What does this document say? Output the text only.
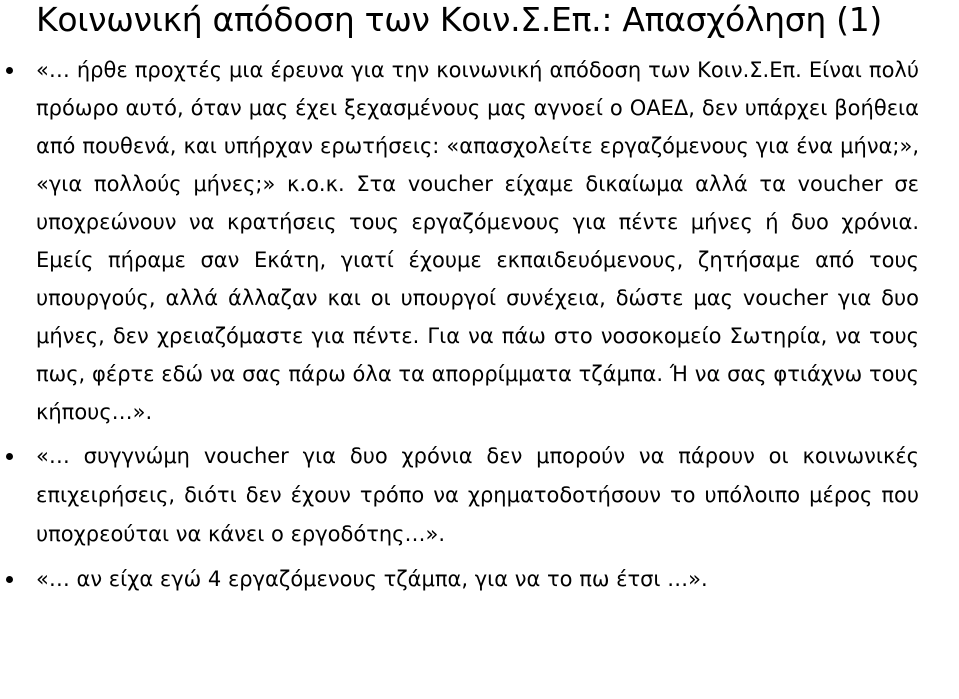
Κοινωνική απόδοση των Κοιν.Σ.Επ.: Απασχόληση (1)
«… ήρθε προχτές μια έρευνα για την κοινωνική απόδοση των Κοιν.Σ.Επ. Είναι πολύ πρόωρο αυτό, όταν μας έχει ξεχασμένους μας αγνοεί ο ΟΑΕΔ, δεν υπάρχει βοήθεια από πουθενά, και υπήρχαν ερωτήσεις: «απασχολείτε εργαζόμενους για ένα μήνα;», «για πολλούς μήνες;» κ.ο.κ. Στα voucher είχαμε δικαίωμα αλλά τα voucher σε υποχρεώνουν να κρατήσεις τους εργαζόμενους για πέντε μήνες ή δυο χρόνια. Εμείς πήραμε σαν Εκάτη, γιατί έχουμε εκπαιδευόμενους, ζητήσαμε από τους υπουργούς, αλλά άλλαζαν και οι υπουργοί συνέχεια, δώστε μας voucher για δυο μήνες, δεν χρειαζόμαστε για πέντε. Για να πάω στο νοσοκομείο Σωτηρία, να τους πως, φέρτε εδώ να σας πάρω όλα τα απορρίμματα τζάμπα. Ή να σας φτιάχνω τους κήπους…».
«… συγγνώμη voucher για δυο χρόνια δεν μπορούν να πάρουν οι κοινωνικές επιχειρήσεις, διότι δεν έχουν τρόπο να χρηματοδοτήσουν το υπόλοιπο μέρος που υποχρεούται να κάνει ο εργοδότης…».
«… αν είχα εγώ 4 εργαζόμενους τζάμπα, για να το πω έτσι …».
